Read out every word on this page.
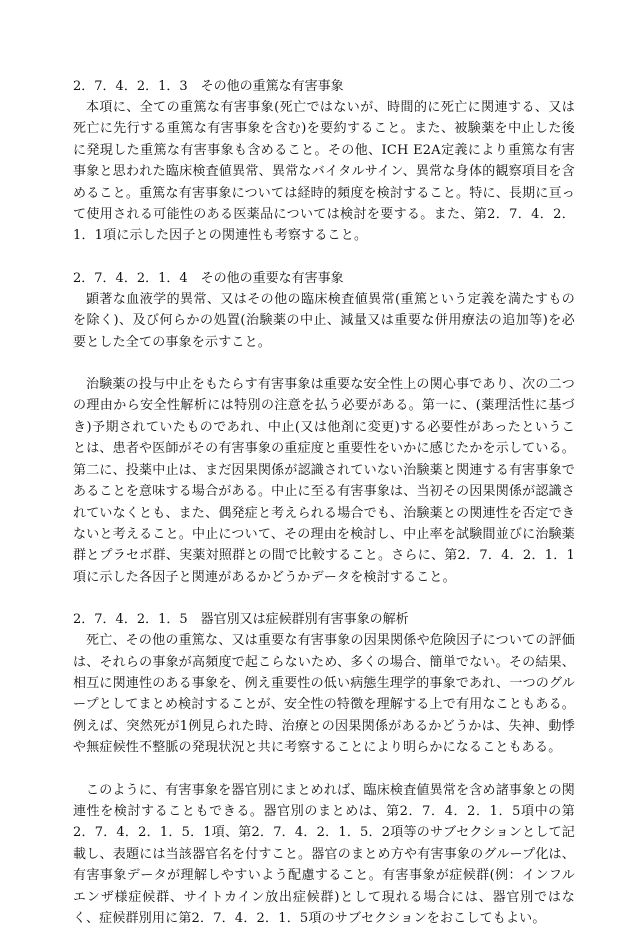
2．7．4．2．1．3　その他の重篤な有害事象

本項に、全ての重篤な有害事象(死亡ではないが、時間的に死亡に関連する、又は死亡に先行する重篤な有害事象を含む)を要約すること。また、被験薬を中止した後に発現した重篤な有害事象も含めること。その他、ICH E2A定義により重篤な有害事象と思われた臨床検査値異常、異常なバイタルサイン、異常な身体的観察項目を含めること。重篤な有害事象については経時的頻度を検討すること。特に、長期に亘って使用される可能性のある医薬品については検討を要する。また、第2．7．4．2．1．1項に示した因子との関連性も考察すること。

2．7．4．2．1．4　その他の重要な有害事象

顕著な血液学的異常、又はその他の臨床検査値異常(重篤という定義を満たすものを除く)、及び何らかの処置(治験薬の中止、減量又は重要な併用療法の追加等)を必要とした全ての事象を示すこと。

治験薬の投与中止をもたらす有害事象は重要な安全性上の関心事であり、次の二つの理由から安全性解析には特別の注意を払う必要がある。第一に、(薬理活性に基づき)予期されていたものであれ、中止(又は他剤に変更)する必要性があったということは、患者や医師がその有害事象の重症度と重要性をいかに感じたかを示している。第二に、投薬中止は、まだ因果関係が認識されていない治験薬と関連する有害事象であることを意味する場合がある。中止に至る有害事象は、当初その因果関係が認識されていなくとも、また、偶発症と考えられる場合でも、治験薬との関連性を否定できないと考えること。中止について、その理由を検討し、中止率を試験間並びに治験薬群とプラセボ群、実薬対照群との間で比較すること。さらに、第2．7．4．2．1．1項に示した各因子と関連があるかどうかデータを検討すること。

2．7．4．2．1．5　器官別又は症候群別有害事象の解析

死亡、その他の重篤な、又は重要な有害事象の因果関係や危険因子についての評価は、それらの事象が高頻度で起こらないため、多くの場合、簡単でない。その結果、相互に関連性のある事象を、例え重要性の低い病態生理学的事象であれ、一つのグループとしてまとめ検討することが、安全性の特徴を理解する上で有用なこともある。例えば、突然死が1例見られた時、治療との因果関係があるかどうかは、失神、動悸や無症候性不整脈の発現状況と共に考察することにより明らかになることもある。

このように、有害事象を器官別にまとめれば、臨床検査値異常を含め諸事象との関連性を検討することもできる。器官別のまとめは、第2．7．4．2．1．5項中の第2．7．4．2．1．5．1項、第2．7．4．2．1．5．2項等のサブセクションとして記載し、表題には当該器官名を付すこと。器官のまとめ方や有害事象のグループ化は、有害事象データが理解しやすいよう配慮すること。有害事象が症候群(例：インフルエンザ様症候群、サイトカイン放出症候群)として現れる場合には、器官別ではなく、症候群別用に第2．7．4．2．1．5項のサブセクションをおこしてもよい。
